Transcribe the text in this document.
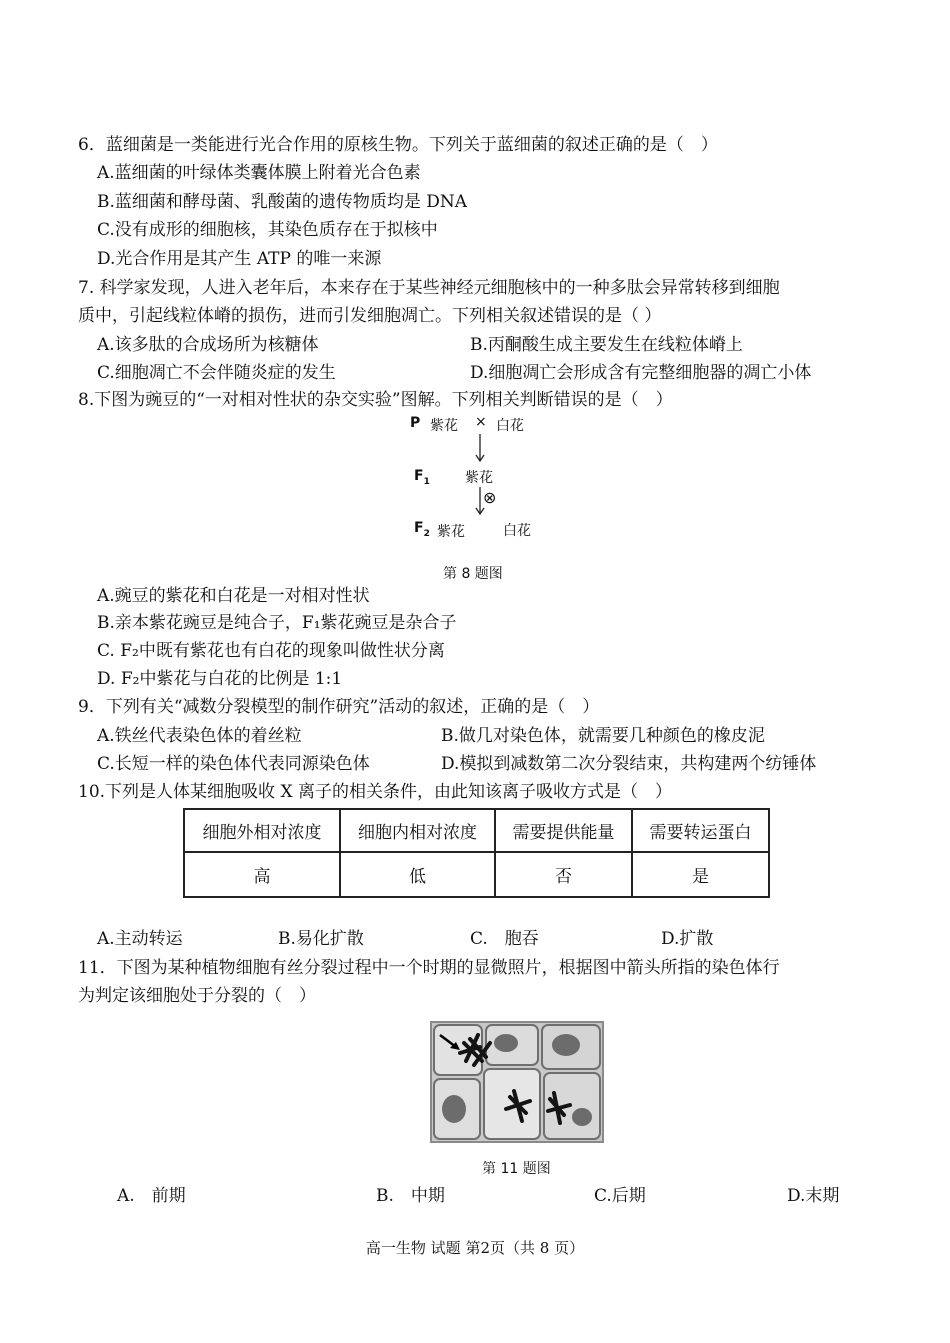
6．蓝细菌是一类能进行光合作用的原核生物。下列关于蓝细菌的叙述正确的是（　）
A.蓝细菌的叶绿体类囊体膜上附着光合色素
B.蓝细菌和酵母菌、乳酸菌的遗传物质均是 DNA
C.没有成形的细胞核，其染色质存在于拟核中
D.光合作用是其产生 ATP 的唯一来源
7. 科学家发现，人进入老年后，本来存在于某些神经元细胞核中的一种多肽会异常转移到细胞
质中，引起线粒体嵴的损伤，进而引发细胞凋亡。下列相关叙述错误的是（ ）
A.该多肽的合成场所为核糖体	B.丙酮酸生成主要发生在线粒体嵴上
C.细胞凋亡不会伴随炎症的发生	D.细胞凋亡会形成含有完整细胞器的凋亡小体
8.下图为豌豆的“一对相对性状的杂交实验”图解。下列相关判断错误的是（　）
P 紫花 × 白花
$F_1$	紫花
⊗
$F_2$ 紫花	白花
第 8 题图
A.豌豆的紫花和白花是一对相对性状
B.亲本紫花豌豆是纯合子，F₁紫花豌豆是杂合子
C. F₂中既有紫花也有白花的现象叫做性状分离
D. F₂中紫花与白花的比例是 1:1
9．下列有关“减数分裂模型的制作研究”活动的叙述，正确的是（　）
A.铁丝代表染色体的着丝粒	B.做几对染色体，就需要几种颜色的橡皮泥
C.长短一样的染色体代表同源染色体	D.模拟到减数第二次分裂结束，共构建两个纺锤体
10.下列是人体某细胞吸收 X 离子的相关条件，由此知该离子吸收方式是（　）
细胞外相对浓度	细胞内相对浓度	需要提供能量	需要转运蛋白
高	低	否	是
A.主动转运	B.易化扩散	C.　胞吞	D.扩散
11．下图为某种植物细胞有丝分裂过程中一个时期的显微照片，根据图中箭头所指的染色体行
为判定该细胞处于分裂的（　）
第 11 题图
A.　前期	B.　中期	C.后期	D.末期
高一生物 试题 第2页（共 8 页）
